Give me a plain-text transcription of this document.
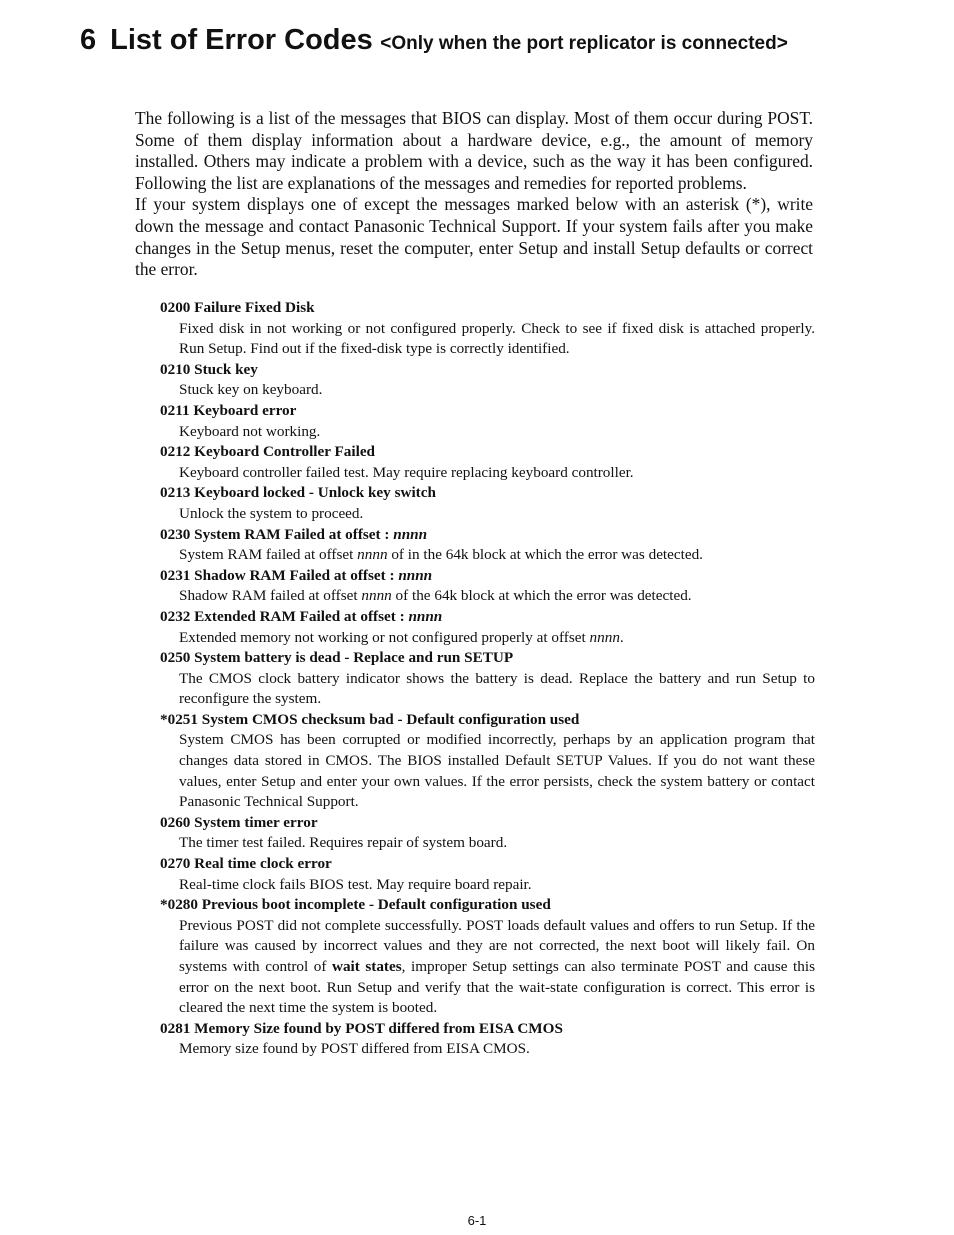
6 List of Error Codes <Only when the port replicator is connected>

The following is a list of the messages that BIOS can display. Most of them occur during POST. Some of them display information about a hardware device, e.g., the amount of memory installed. Others may indicate a problem with a device, such as the way it has been configured. Following the list are explanations of the messages and remedies for reported problems.

If your system displays one of except the messages marked below with an asterisk (*), write down the message and contact Panasonic Technical Support. If your system fails after you make changes in the Setup menus, reset the computer, enter Setup and install Setup defaults or correct the error.

0200 Failure Fixed Disk
Fixed disk in not working or not configured properly. Check to see if fixed disk is attached properly. Run Setup. Find out if the fixed-disk type is correctly identified.
0210 Stuck key
Stuck key on keyboard.
0211 Keyboard error
Keyboard not working.
0212 Keyboard Controller Failed
Keyboard controller failed test. May require replacing keyboard controller.
0213 Keyboard locked - Unlock key switch
Unlock the system to proceed.
0230 System RAM Failed at offset : nnnn
System RAM failed at offset nnnn of in the 64k block at which the error was detected.
0231 Shadow RAM Failed at offset : nnnn
Shadow RAM failed at offset nnnn of the 64k block at which the error was detected.
0232 Extended RAM Failed at offset : nnnn
Extended memory not working or not configured properly at offset nnnn.
0250 System battery is dead - Replace and run SETUP
The CMOS clock battery indicator shows the battery is dead. Replace the battery and run Setup to reconfigure the system.
*0251 System CMOS checksum bad - Default configuration used
System CMOS has been corrupted or modified incorrectly, perhaps by an application program that changes data stored in CMOS. The BIOS installed Default SETUP Values. If you do not want these values, enter Setup and enter your own values. If the error persists, check the system battery or contact Panasonic Technical Support.
0260 System timer error
The timer test failed. Requires repair of system board.
0270 Real time clock error
Real-time clock fails BIOS test. May require board repair.
*0280 Previous boot incomplete - Default configuration used
Previous POST did not complete successfully. POST loads default values and offers to run Setup. If the failure was caused by incorrect values and they are not corrected, the next boot will likely fail. On systems with control of wait states, improper Setup settings can also terminate POST and cause this error on the next boot. Run Setup and verify that the wait-state configuration is correct. This error is cleared the next time the system is booted.
0281 Memory Size found by POST differed from EISA CMOS
Memory size found by POST differed from EISA CMOS.
6-1
